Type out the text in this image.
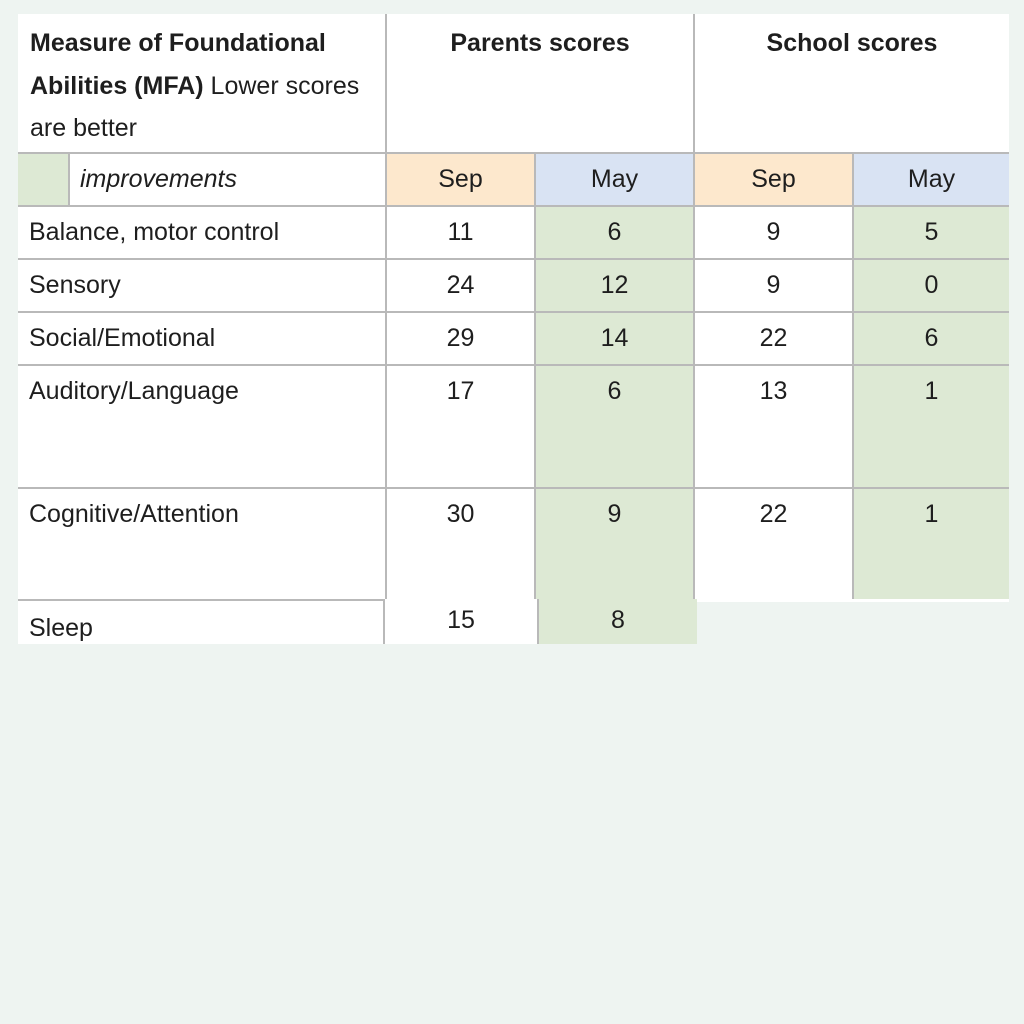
Measure of Foundational Abilities (MFA) Lower scores are better
Parents scores	School scores
improvements	Sep	May	Sep	May
Balance, motor control	11	6	9	5
Sensory	24	12	9	0
Social/Emotional	29	14	22	6
Auditory/Language	17	6	13	1
Cognitive/Attention	30	9	22	1
Sleep	15	8
